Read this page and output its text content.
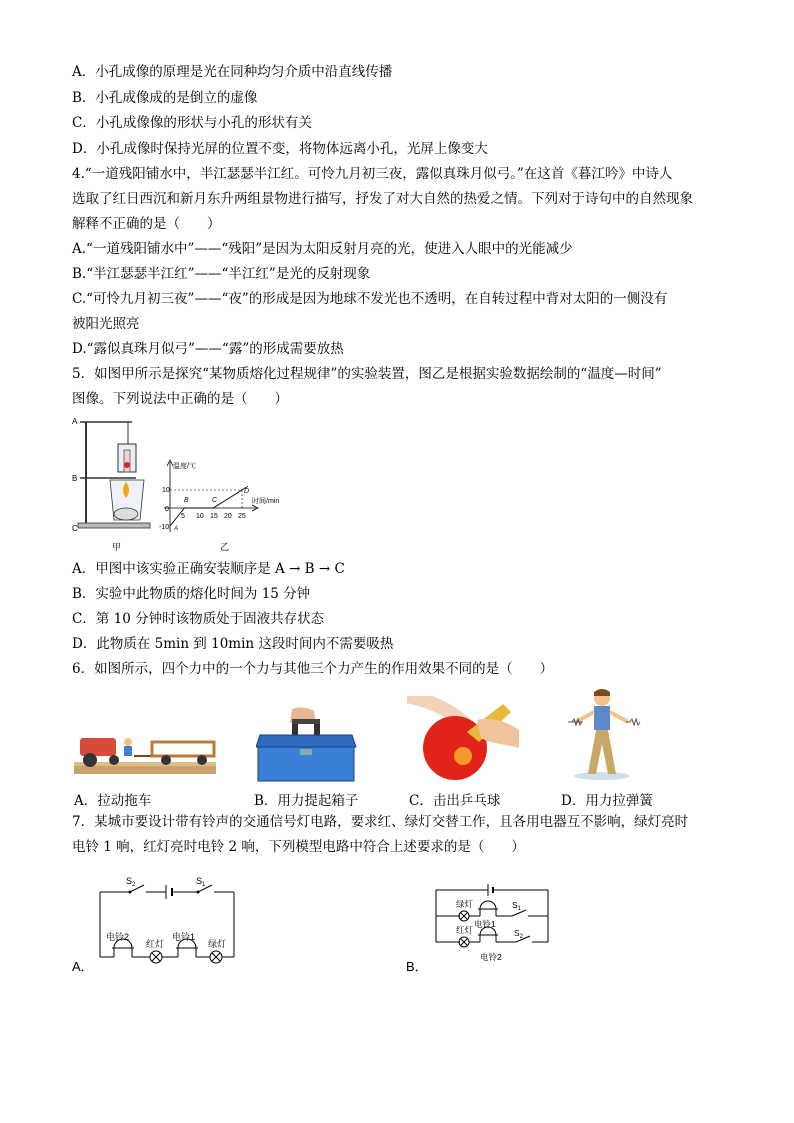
A．小孔成像的原理是光在同种均匀介质中沿直线传播
B．小孔成像成的是倒立的虚像
C．小孔成像像的形状与小孔的形状有关
D．小孔成像时保持光屏的位置不变，将物体远离小孔，光屏上像变大
4.“一道残阳铺水中，半江瑟瑟半江红。可怜九月初三夜，露似真珠月似弓。”在这首《暮江吟》中诗人
选取了红日西沉和新月东升两组景物进行描写，抒发了对大自然的热爱之情。下列对于诗句中的自然现象
解释不正确的是（　　）
A.“一道残阳铺水中”——“残阳”是因为太阳反射月亮的光，使进入人眼中的光能减少
B.“半江瑟瑟半江红”——“半江红”是光的反射现象
C.“可怜九月初三夜”——“夜”的形成是因为地球不发光也不透明，在自转过程中背对太阳的一侧没有
被阳光照亮
D.“露似真珠月似弓”——“露”的形成需要放热
5．如图甲所示是探究“某物质熔化过程规律”的实验装置，图乙是根据实验数据绘制的“温度—时间”
图像。下列说法中正确的是（　　）
A
B
C
甲
温度/℃
时间/min
10
0
-10
5 10 15 20 25
A
B	C
D
乙
A．甲图中该实验正确安装顺序是 A → B → C
B．实验中此物质的熔化时间为 15 分钟
C．第 10 分钟时该物质处于固液共存状态
D．此物质在 5min 到 10min 这段时间内不需要吸热
6．如图所示，四个力中的一个力与其他三个力产生的作用效果不同的是（　　）
A．拉动拖车	B．用力提起箱子	C．击出乒乓球	D．用力拉弹簧
7．某城市要设计带有铃声的交通信号灯电路，要求红、绿灯交替工作，且各用电器互不影响，绿灯亮时
电铃 1 响，红灯亮时电铃 2 响，下列模型电路中符合上述要求的是（　　）
A．
$S_2$	$S_1$
电铃2
红灯
电铃1
绿灯
B．
绿灯
电铃1
$S_1$
红灯	$S_2$
电铃2
